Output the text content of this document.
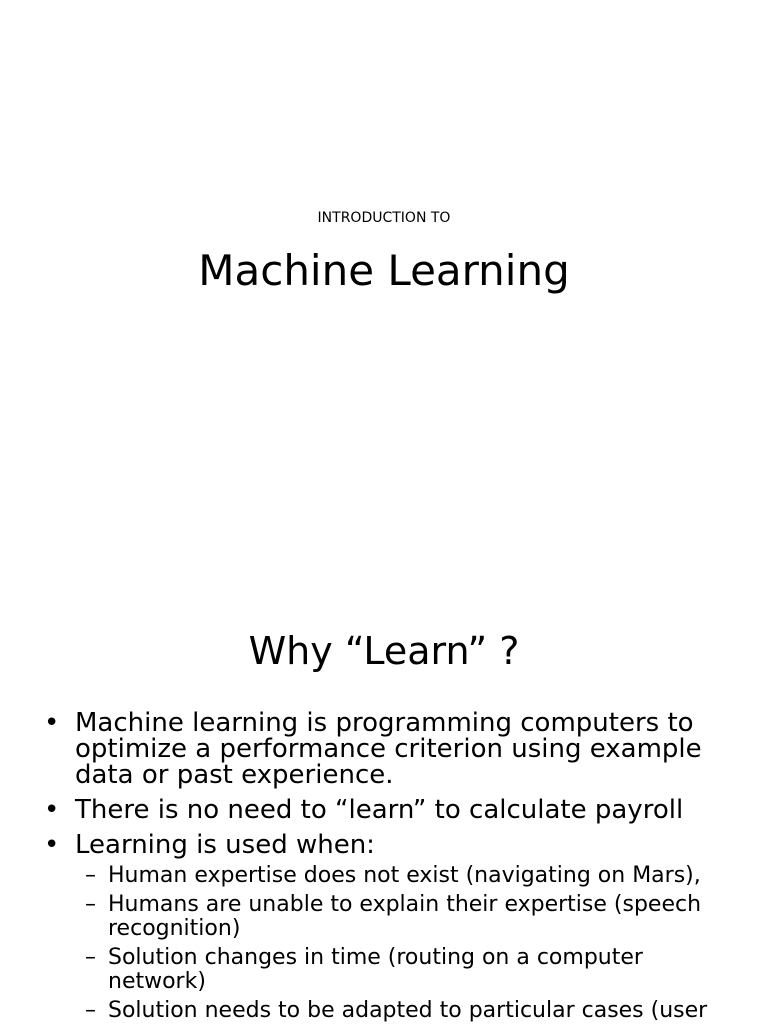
INTRODUCTION TO
Machine Learning
Why “Learn” ?
• Machine learning is programming computers to optimize a performance criterion using example data or past experience.
• There is no need to “learn” to calculate payroll
• Learning is used when:
– Human expertise does not exist (navigating on Mars),
– Humans are unable to explain their expertise (speech recognition)
– Solution changes in time (routing on a computer network)
– Solution needs to be adapted to particular cases (user
